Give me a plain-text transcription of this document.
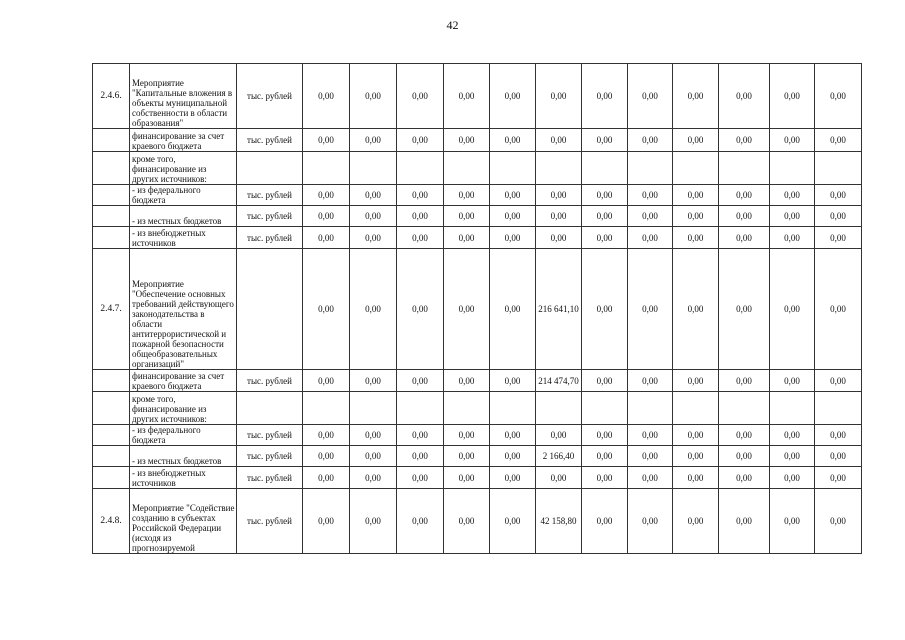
42
2.4.6.	Мероприятие "Капитальные вложения в объекты муниципальной собственности в области образования"	тыс. рублей	0,00	0,00	0,00	0,00	0,00	0,00	0,00	0,00	0,00	0,00	0,00	0,00
	финансирование за счет краевого бюджета	тыс. рублей	0,00	0,00	0,00	0,00	0,00	0,00	0,00	0,00	0,00	0,00	0,00	0,00
	кроме того, финансирование из других источников:													
	- из федерального бюджета	тыс. рублей	0,00	0,00	0,00	0,00	0,00	0,00	0,00	0,00	0,00	0,00	0,00	0,00
	- из местных бюджетов	тыс. рублей	0,00	0,00	0,00	0,00	0,00	0,00	0,00	0,00	0,00	0,00	0,00	0,00
	- из внебюджетных источников	тыс. рублей	0,00	0,00	0,00	0,00	0,00	0,00	0,00	0,00	0,00	0,00	0,00	0,00
2.4.7.	Мероприятие "Обеспечение основных требований действующего законодательства в области антитеррористической и пожарной безопасности общеобразовательных организаций"		0,00	0,00	0,00	0,00	0,00	216 641,10	0,00	0,00	0,00	0,00	0,00	0,00
	финансирование за счет краевого бюджета	тыс. рублей	0,00	0,00	0,00	0,00	0,00	214 474,70	0,00	0,00	0,00	0,00	0,00	0,00
	кроме того, финансирование из других источников:													
	- из федерального бюджета	тыс. рублей	0,00	0,00	0,00	0,00	0,00	0,00	0,00	0,00	0,00	0,00	0,00	0,00
	- из местных бюджетов	тыс. рублей	0,00	0,00	0,00	0,00	0,00	2 166,40	0,00	0,00	0,00	0,00	0,00	0,00
	- из внебюджетных источников	тыс. рублей	0,00	0,00	0,00	0,00	0,00	0,00	0,00	0,00	0,00	0,00	0,00	0,00
2.4.8.	Мероприятие "Содействие созданию в субъектах Российской Федерации (исходя из прогнозируемой	тыс. рублей	0,00	0,00	0,00	0,00	0,00	42 158,80	0,00	0,00	0,00	0,00	0,00	0,00
